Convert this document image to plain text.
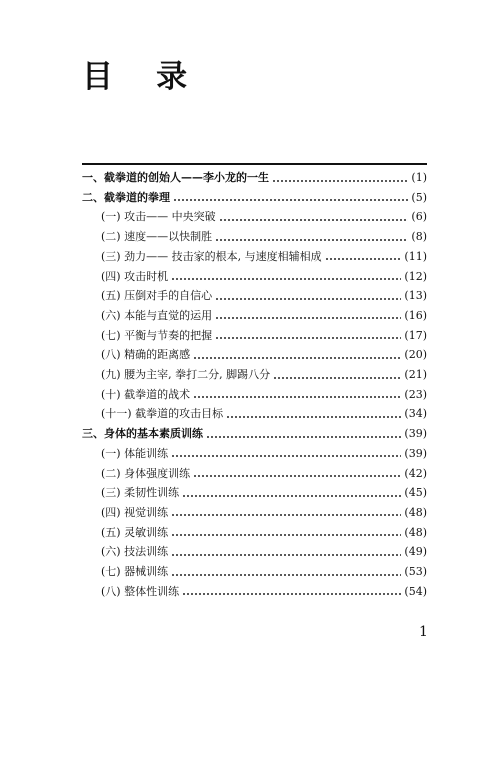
目    录
一、截拳道的创始人——李小龙的一生	(1)
二、截拳道的拳理	(5)
(一) 攻击—— 中央突破	(6)
(二) 速度——以快制胜	(8)
(三) 劲力—— 技击家的根本, 与速度相辅相成	(11)
(四) 攻击时机	(12)
(五) 压倒对手的自信心	(13)
(六) 本能与直觉的运用	(16)
(七) 平衡与节奏的把握	(17)
(八) 精确的距离感	(20)
(九) 腰为主宰, 拳打二分, 脚踢八分	(21)
(十) 截拳道的战术	(23)
(十一) 截拳道的攻击目标	(34)
三、身体的基本素质训练	(39)
(一) 体能训练	(39)
(二) 身体强度训练	(42)
(三) 柔韧性训练	(45)
(四) 视觉训练	(48)
(五) 灵敏训练	(48)
(六) 技法训练	(49)
(七) 器械训练	(53)
(八) 整体性训练	(54)
1
